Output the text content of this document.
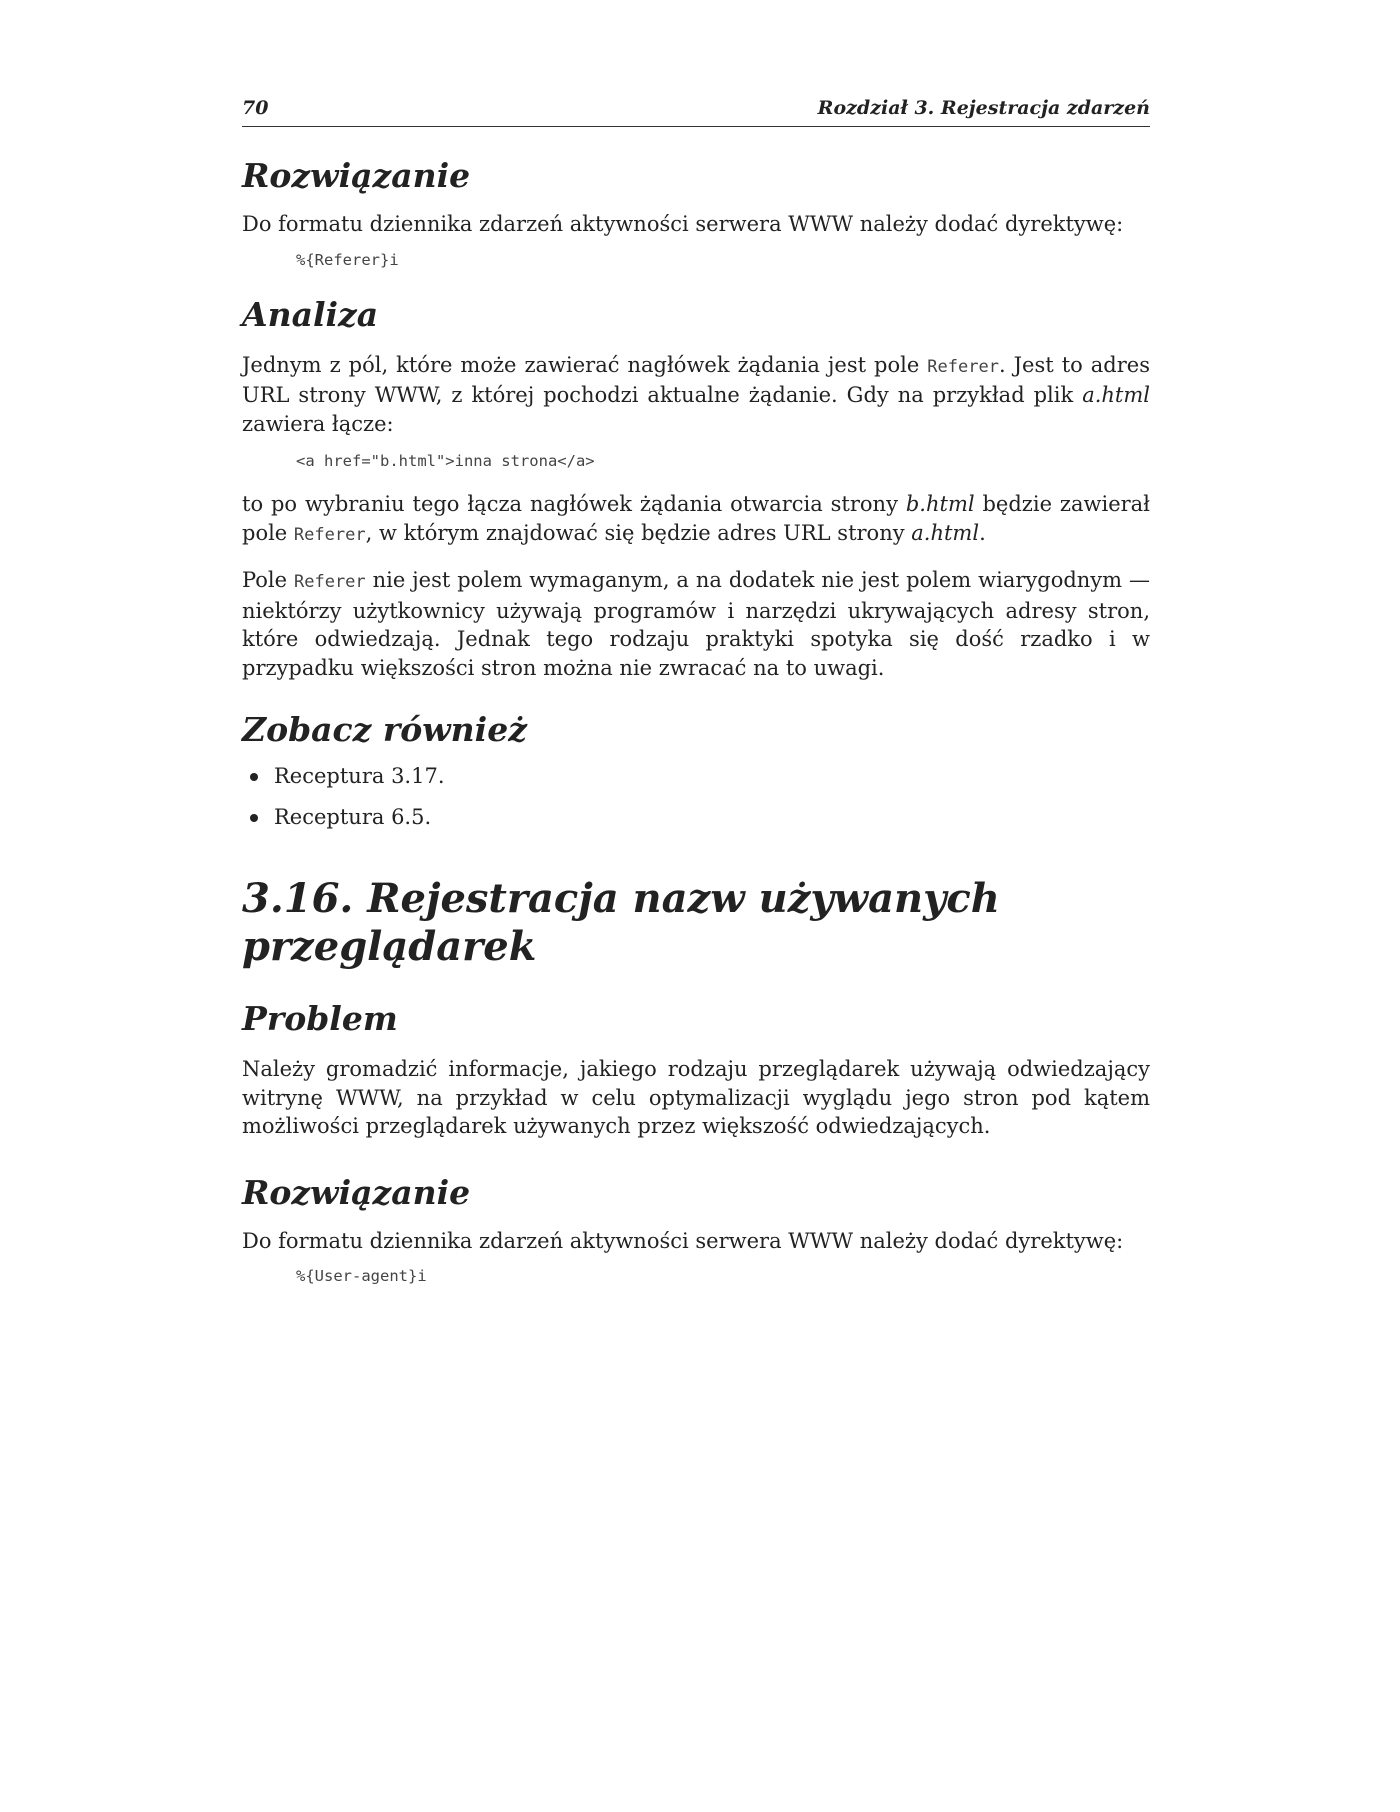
70	Rozdział 3. Rejestracja zdarzeń
Rozwiązanie

Do formatu dziennika zdarzeń aktywności serwera WWW należy dodać dyrektywę:

%{Referer}i
Analiza

Jednym z pól, które może zawierać nagłówek żądania jest pole Referer. Jest to adres URL strony WWW, z której pochodzi aktualne żądanie. Gdy na przykład plik a.html zawiera łącze:

<a href="b.html">inna strona</a>

to po wybraniu tego łącza nagłówek żądania otwarcia strony b.html będzie zawierał pole Referer, w którym znajdować się będzie adres URL strony a.html.

Pole Referer nie jest polem wymaganym, a na dodatek nie jest polem wiarygodnym — niektórzy użytkownicy używają programów i narzędzi ukrywających adresy stron, które odwiedzają. Jednak tego rodzaju praktyki spotyka się dość rzadko i w przypadku większości stron można nie zwracać na to uwagi.

Zobacz również
Receptura 3.17.
Receptura 6.5.
3.16. Rejestracja nazw używanych przeglądarek
Problem

Należy gromadzić informacje, jakiego rodzaju przeglądarek używają odwiedzający witrynę WWW, na przykład w celu optymalizacji wyglądu jego stron pod kątem możliwości przeglądarek używanych przez większość odwiedzających.

Rozwiązanie

Do formatu dziennika zdarzeń aktywności serwera WWW należy dodać dyrektywę:

%{User-agent}i
